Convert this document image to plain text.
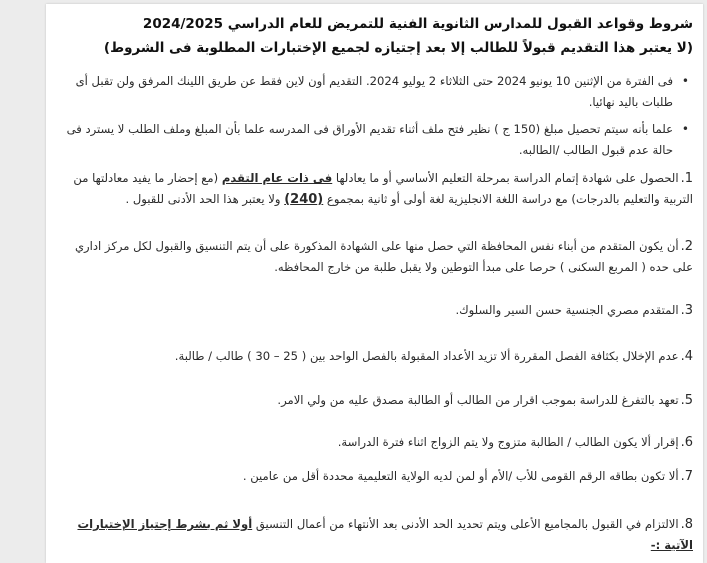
شروط وقواعد القبول للمدارس الثانوية الفنية للتمريض للعام الدراسي 2024/2025
(لا يعتبر هذا التقديم قبولاً للطالب إلا بعد إجتيازه لجميع الإختبارات المطلوبة فى الشروط)
•
فى الفترة من الإثنين 10 يونيو 2024 حتى الثلاثاء 2 يوليو 2024. التقديم أون لاين فقط عن طريق اللينك المرفق ولن تقبل أى طلبات باليد نهائيا.
•
علما بأنه سيتم تحصيل مبلغ (150 ج ) نظير فتح ملف أثناء تقديم الأوراق فى المدرسه علما بأن المبلغ وملف الطلب لا يسترد فى حالة عدم قبول الطالب /الطالبه.
1.الحصول على شهادة إتمام الدراسة بمرحلة التعليم الأساسي أو ما يعادلها فى ذات عام التقدم (مع إحضار ما يفيد معادلتها من التربية والتعليم بالدرجات) مع دراسة اللغة الانجليزية لغة أولى أو ثانية بمجموع (240) ولا يعتبر هذا الحد الأدنى للقبول .
2.أن يكون المتقدم من أبناء نفس المحافظة التي حصل منها على الشهادة المذكورة على أن يتم التنسيق والقبول لكل مركز اداري على حده ( المربع السكنى ) حرصا على مبدأ التوطين ولا يقبل طلبة من خارج المحافظه.
3.المتقدم مصري الجنسية حسن السير والسلوك.
4.عدم الإخلال بكثافة الفصل المقررة ألا تزيد الأعداد المقبولة بالفصل الواحد بين ( 25 – 30 ) طالب / طالبة.
5.تعهد بالتفرغ للدراسة بموجب اقرار من الطالب أو الطالبة مصدق عليه من ولي الامر.
6.إقرار ألا يكون الطالب / الطالبة متزوج ولا يتم الزواج اثناء فترة الدراسة.
7.ألا تكون بطاقه الرقم القومى للأب /الأم أو لمن لديه الولاية التعليمية محددة أقل من عامين .
8.الالتزام في القبول بالمجاميع الأعلى ويتم تحديد الحد الأدنى بعد الأنتهاء من أعمال التنسيق أولا ثم بشرط إجتياز الإختبارات الآتية :-
